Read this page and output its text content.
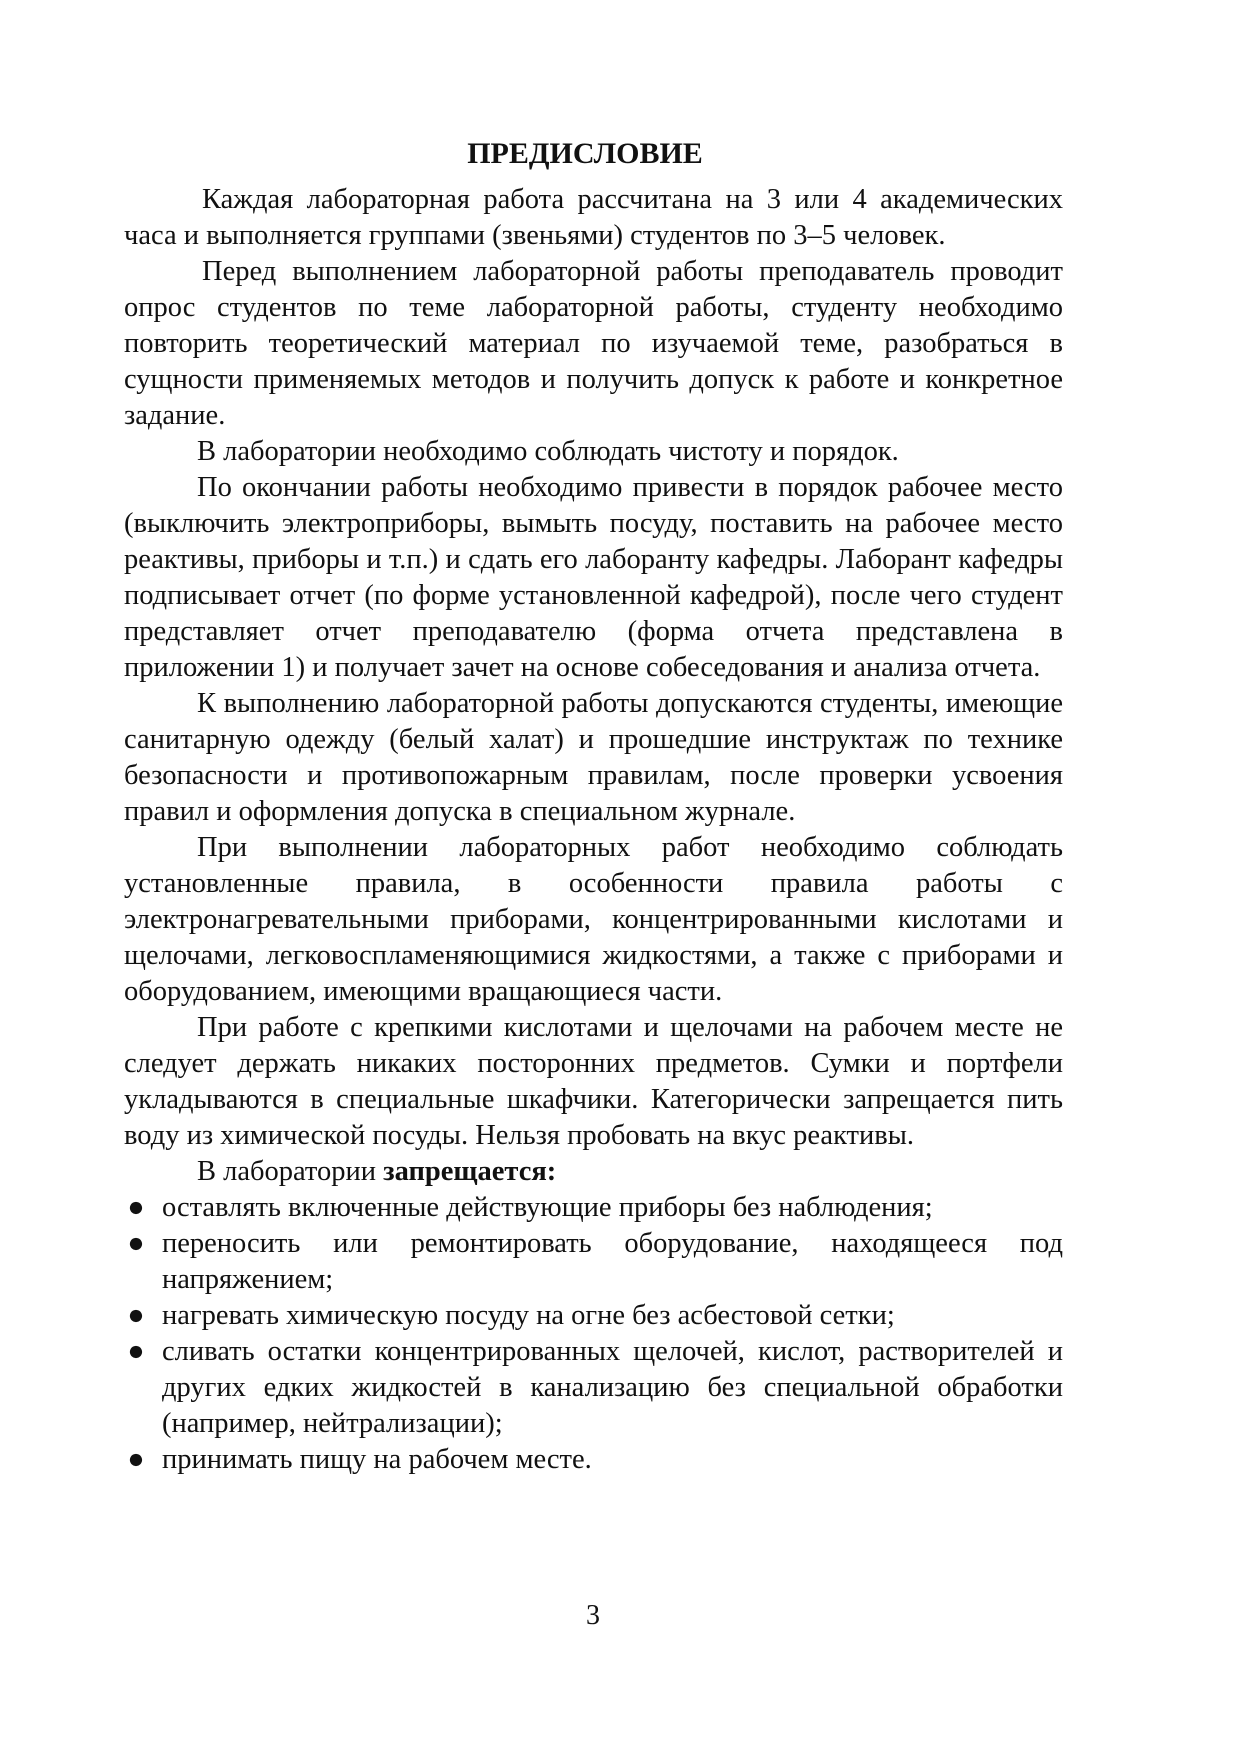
ПРЕДИСЛОВИЕ

Каждая лабораторная работа рассчитана на 3 или 4 академических часа и выполняется группами (звеньями) студентов по 3–5 человек.

Перед выполнением лабораторной работы преподаватель проводит опрос студентов по теме лабораторной работы, студенту необходимо повторить теоретический материал по изучаемой теме, разобраться в сущности применяемых методов и получить допуск к работе и конкретное задание.

В лаборатории необходимо соблюдать чистоту и порядок.

По окончании работы необходимо привести в порядок рабочее место (выключить электроприборы, вымыть посуду, поставить на рабочее место реактивы, приборы и т.п.) и сдать его лаборанту кафедры. Лаборант кафедры подписывает отчет (по форме установленной кафедрой), после чего студент представляет отчет преподавателю (форма отчета представлена в приложении 1) и получает зачет на основе собеседования и анализа отчета.

К выполнению лабораторной работы допускаются студенты, имеющие санитарную одежду (белый халат) и прошедшие инструктаж по технике безопасности и противопожарным правилам, после проверки усвоения правил и оформления допуска в специальном журнале.

При выполнении лабораторных работ необходимо соблюдать установленные правила, в особенности правила работы с электронагревательными приборами, концентрированными кислотами и щелочами, легковоспламеняющимися жидкостями, а также с приборами и оборудованием, имеющими вращающиеся части.

При работе с крепкими кислотами и щелочами на рабочем месте не следует держать никаких посторонних предметов. Сумки и портфели укладываются в специальные шкафчики. Категорически запрещается пить воду из химической посуды. Нельзя пробовать на вкус реактивы.

В лаборатории запрещается:

● оставлять включенные действующие приборы без наблюдения;
● переносить или ремонтировать оборудование, находящееся под напряжением;
● нагревать химическую посуду на огне без асбестовой сетки;
● сливать остатки концентрированных щелочей, кислот, растворителей и других едких жидкостей в канализацию без специальной обработки (например, нейтрализации);
● принимать пищу на рабочем месте.
3
